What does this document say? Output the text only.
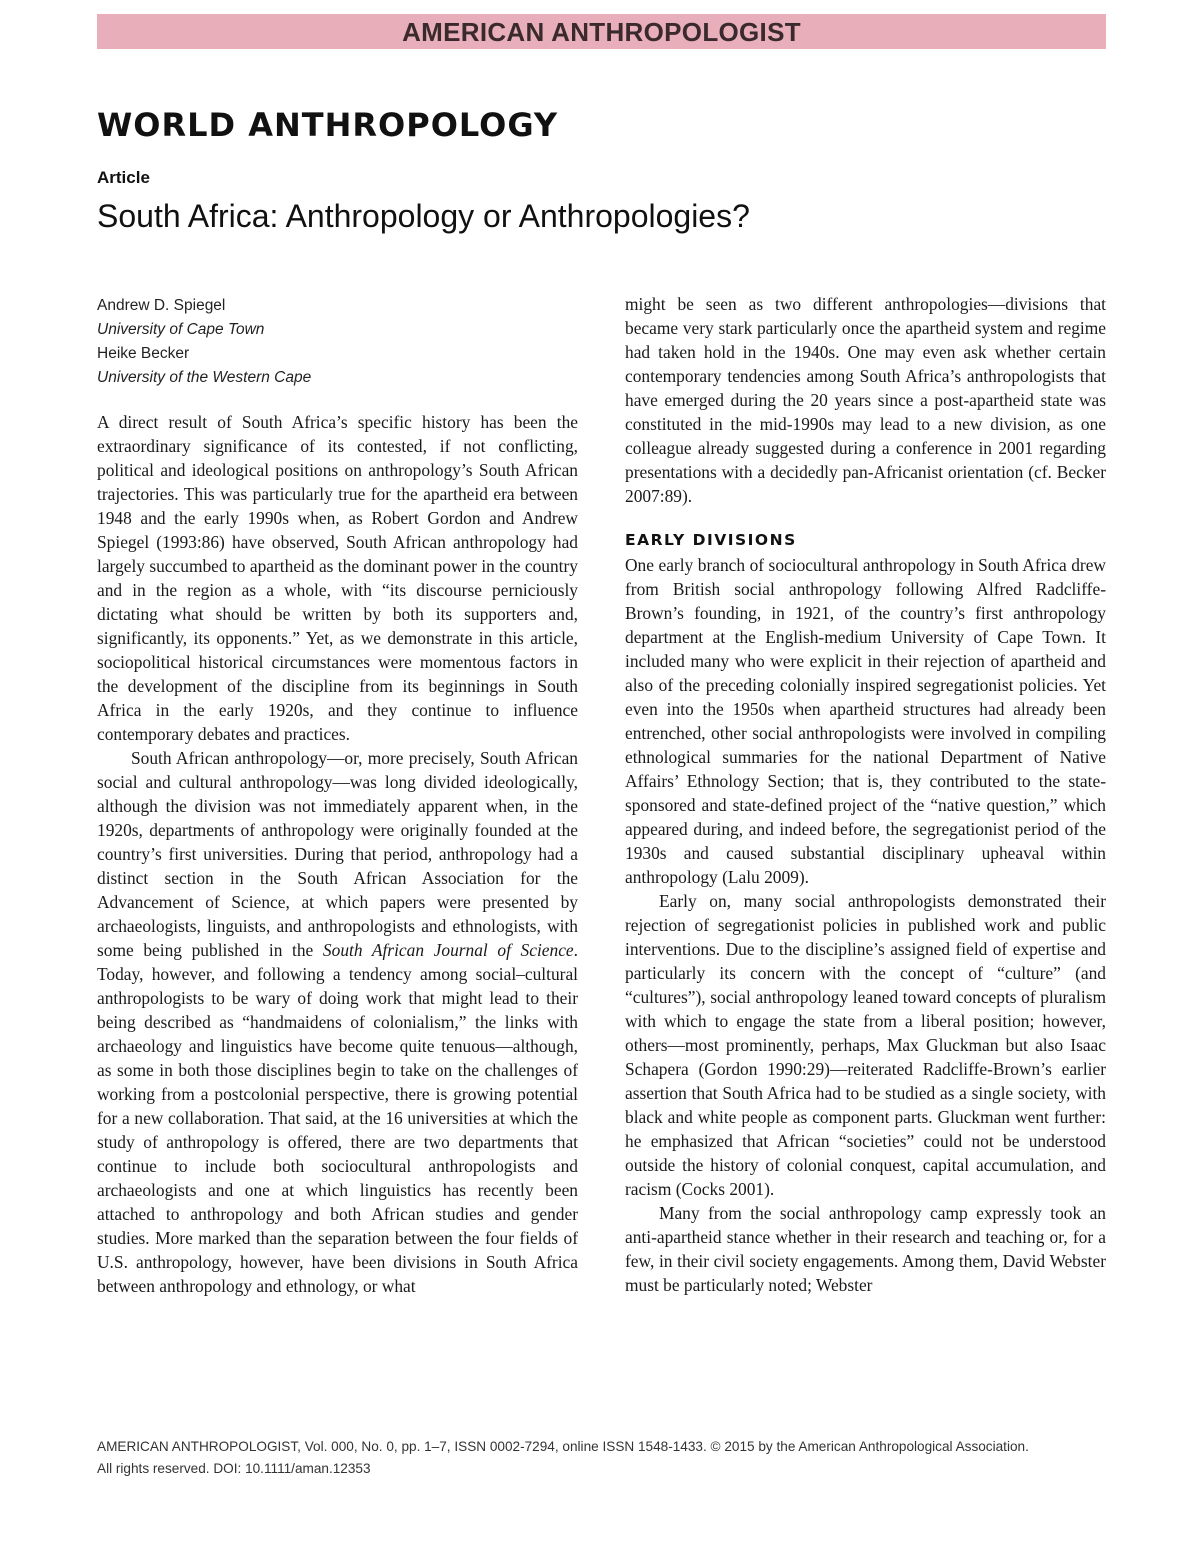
AMERICAN ANTHROPOLOGIST
WORLD ANTHROPOLOGY
Article
South Africa: Anthropology or Anthropologies?
Andrew D. Spiegel
University of Cape Town
Heike Becker
University of the Western Cape

A direct result of South Africa’s specific history has been the extraordinary significance of its contested, if not conflicting, political and ideological positions on anthropology’s South African trajectories. This was particularly true for the apartheid era between 1948 and the early 1990s when, as Robert Gordon and Andrew Spiegel (1993:86) have observed, South African anthropology had largely succumbed to apartheid as the dominant power in the country and in the region as a whole, with “its discourse perniciously dictating what should be written by both its supporters and, significantly, its opponents.” Yet, as we demonstrate in this article, sociopolitical historical circumstances were momentous factors in the development of the discipline from its beginnings in South Africa in the early 1920s, and they continue to influence contemporary debates and practices.

South African anthropology—or, more precisely, South African social and cultural anthropology—was long divided ideologically, although the division was not immediately apparent when, in the 1920s, departments of anthropology were originally founded at the country’s first universities. During that period, anthropology had a distinct section in the South African Association for the Advancement of Science, at which papers were presented by archaeologists, linguists, and anthropologists and ethnologists, with some being published in the South African Journal of Science. Today, however, and following a tendency among social–cultural anthropologists to be wary of doing work that might lead to their being described as “handmaidens of colonialism,” the links with archaeology and linguistics have become quite tenuous—although, as some in both those disciplines begin to take on the challenges of working from a postcolonial perspective, there is growing potential for a new collaboration. That said, at the 16 universities at which the study of anthropology is offered, there are two departments that continue to include both sociocultural anthropologists and archaeologists and one at which linguistics has recently been attached to anthropology and both African studies and gender studies. More marked than the separation between the four fields of U.S. anthropology, however, have been divisions in South Africa between anthropology and ethnology, or what

might be seen as two different anthropologies—divisions that became very stark particularly once the apartheid system and regime had taken hold in the 1940s. One may even ask whether certain contemporary tendencies among South Africa’s anthropologists that have emerged during the 20 years since a post-apartheid state was constituted in the mid-1990s may lead to a new division, as one colleague already suggested during a conference in 2001 regarding presentations with a decidedly pan-Africanist orientation (cf. Becker 2007:89).

EARLY DIVISIONS

One early branch of sociocultural anthropology in South Africa drew from British social anthropology following Alfred Radcliffe-Brown’s founding, in 1921, of the country’s first anthropology department at the English-medium University of Cape Town. It included many who were explicit in their rejection of apartheid and also of the preceding colonially inspired segregationist policies. Yet even into the 1950s when apartheid structures had already been entrenched, other social anthropologists were involved in compiling ethnological summaries for the national Department of Native Affairs’ Ethnology Section; that is, they contributed to the state-sponsored and state-defined project of the “native question,” which appeared during, and indeed before, the segregationist period of the 1930s and caused substantial disciplinary upheaval within anthropology (Lalu 2009).

Early on, many social anthropologists demonstrated their rejection of segregationist policies in published work and public interventions. Due to the discipline’s assigned field of expertise and particularly its concern with the concept of “culture” (and “cultures”), social anthropology leaned toward concepts of pluralism with which to engage the state from a liberal position; however, others—most prominently, perhaps, Max Gluckman but also Isaac Schapera (Gordon 1990:29)—reiterated Radcliffe-Brown’s earlier assertion that South Africa had to be studied as a single society, with black and white people as component parts. Gluckman went further: he emphasized that African “societies” could not be understood outside the history of colonial conquest, capital accumulation, and racism (Cocks 2001).

Many from the social anthropology camp expressly took an anti-apartheid stance whether in their research and teaching or, for a few, in their civil society engagements. Among them, David Webster must be particularly noted; Webster

AMERICAN ANTHROPOLOGIST, Vol. 000, No. 0, pp. 1–7, ISSN 0002-7294, online ISSN 1548-1433. © 2015 by the American Anthropological Association.
All rights reserved. DOI: 10.1111/aman.12353
